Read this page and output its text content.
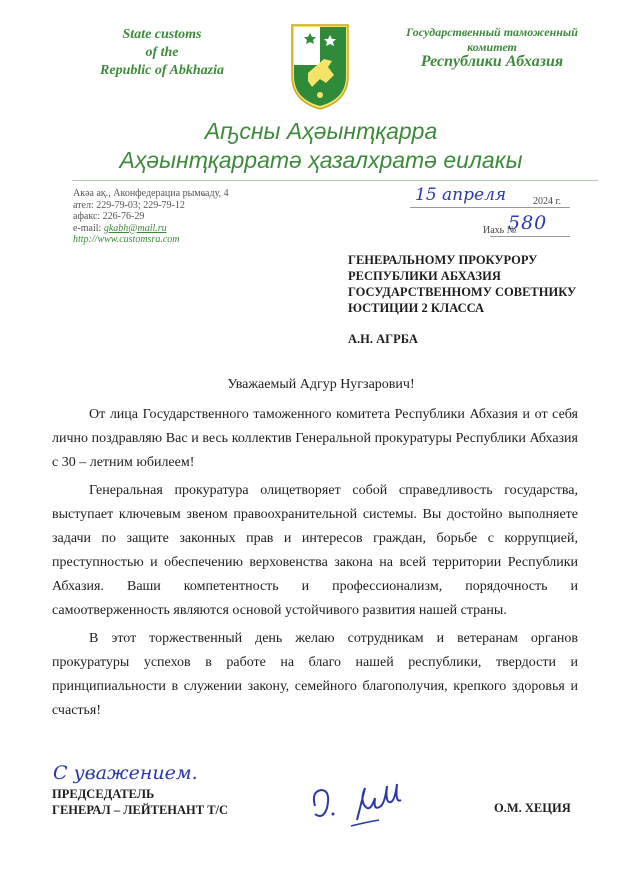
State customs
of the
Republic of Abkhazia
Государственный таможенный
комитет
Республики Абхазия
Аҧсны Аҳәынҭқарра
Аҳәынҭқарратә ҳазалхратә еилакы
Акәа ақ., Аконфедерациа рымҩаду, 4
ател: 229-79-03; 229-79-12
афакс: 226-76-29
e-mail: gkabh@mail.ru
http://www.customsra.com
15 апреля	2024 г.
Иахь №
580
ГЕНЕРАЛЬНОМУ ПРОКУРОРУ
РЕСПУБЛИКИ АБХАЗИЯ
ГОСУДАРСТВЕННОМУ СОВЕТНИКУ
ЮСТИЦИИ 2 КЛАССА
А.Н. АГРБА
Уважаемый Адгур Нугзарович!

От лица Государственного таможенного комитета Республики Абхазия и от себя лично поздравляю Вас и весь коллектив Генеральной прокуратуры Республики Абхазия с 30 – летним юбилеем!

Генеральная прокуратура олицетворяет собой справедливость государства, выступает ключевым звеном правоохранительной системы. Вы достойно выполняете задачи по защите законных прав и интересов граждан, борьбе с коррупцией, преступностью и обеспечению верховенства закона на всей территории Республики Абхазия. Ваши компетентность и профессионализм, порядочность и самоотверженность являются основой устойчивого развития нашей страны.

В этот торжественный день желаю сотрудникам и ветеранам органов прокуратуры успехов в работе на благо нашей республики, твердости и принципиальности в служении закону, семейного благополучия, крепкого здоровья и счастья!

С уважением.
ПРЕДСЕДАТЕЛЬ
ГЕНЕРАЛ – ЛЕЙТЕНАНТ Т/С	О.М. ХЕЦИЯ
